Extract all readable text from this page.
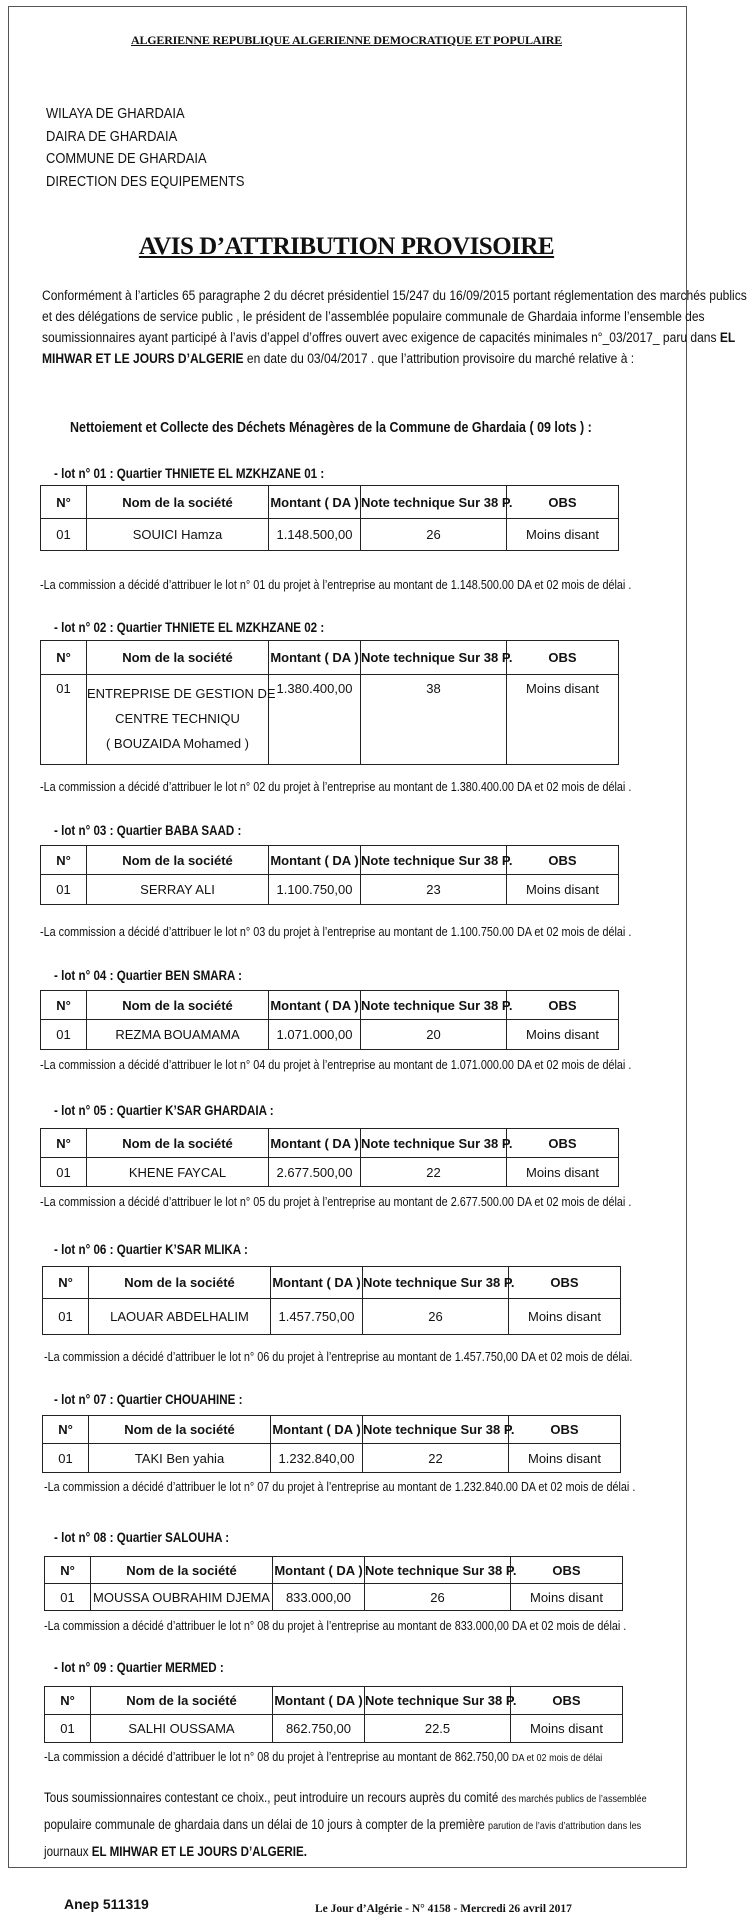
ALGERIENNE REPUBLIQUE ALGERIENNE DEMOCRATIQUE ET POPULAIRE
WILAYA DE GHARDAIA
DAIRA DE GHARDAIA
COMMUNE DE GHARDAIA
DIRECTION DES EQUIPEMENTS
AVIS D’ATTRIBUTION PROVISOIRE
Conformément à l’articles 65 paragraphe 2 du décret présidentiel 15/247 du 16/09/2015 portant réglementation des marchés publics
et des délégations de service public , le président de l’assemblée populaire communale de Ghardaia informe l’ensemble des
soumissionnaires ayant participé à l’avis d’appel d’offres ouvert avec exigence de capacités minimales n°_03/2017_ paru dans EL
MIHWAR ET LE JOURS D’ALGERIE en date du 03/04/2017 . que l’attribution provisoire du marché relative à :
Nettoiement et Collecte des Déchets Ménagères de la Commune de Ghardaia ( 09 lots ) :
- lot n° 01 : Quartier THNIETE EL MZKHZANE 01 :
N°	Nom de la société	Montant ( DA )	Note technique Sur 38 P.	OBS
01	SOUICI Hamza	1.148.500,00	26	Moins disant
-La commission a décidé d’attribuer le lot n° 01 du projet à l’entreprise au montant de 1.148.500.00 DA et 02 mois de délai .
- lot n° 02 : Quartier THNIETE EL MZKHZANE 02 :
N°	Nom de la société	Montant ( DA )	Note technique Sur 38 P.	OBS
01	ENTREPRISE DE GESTION DE
CENTRE TECHNIQU
( BOUZAIDA Mohamed )	1.380.400,00	38	Moins disant
-La commission a décidé d’attribuer le lot n° 02 du projet à l’entreprise au montant de 1.380.400.00 DA et 02 mois de délai .
- lot n° 03 : Quartier BABA SAAD :
N°	Nom de la société	Montant ( DA )	Note technique Sur 38 P.	OBS
01	SERRAY ALI	1.100.750,00	23	Moins disant
-La commission a décidé d’attribuer le lot n° 03 du projet à l’entreprise au montant de 1.100.750.00 DA et 02 mois de délai .
- lot n° 04 : Quartier BEN SMARA :
N°	Nom de la société	Montant ( DA )	Note technique Sur 38 P.	OBS
01	REZMA BOUAMAMA	1.071.000,00	20	Moins disant
-La commission a décidé d’attribuer le lot n° 04 du projet à l’entreprise au montant de 1.071.000.00 DA et 02 mois de délai .
- lot n° 05 : Quartier K’SAR GHARDAIA :
N°	Nom de la société	Montant ( DA )	Note technique Sur 38 P.	OBS
01	KHENE FAYCAL	2.677.500,00	22	Moins disant
-La commission a décidé d’attribuer le lot n° 05 du projet à l’entreprise au montant de 2.677.500.00 DA et 02 mois de délai .
- lot n° 06 : Quartier K’SAR MLIKA :
N°	Nom de la société	Montant ( DA )	Note technique Sur 38 P.	OBS
01	LAOUAR ABDELHALIM	1.457.750,00	26	Moins disant
-La commission a décidé d’attribuer le lot n° 06 du projet à l’entreprise au montant de 1.457.750,00 DA et 02 mois de délai.
- lot n° 07 : Quartier CHOUAHINE :
N°	Nom de la société	Montant ( DA )	Note technique Sur 38 P.	OBS
01	TAKI Ben yahia	1.232.840,00	22	Moins disant
-La commission a décidé d’attribuer le lot n° 07 du projet à l’entreprise au montant de 1.232.840.00 DA et 02 mois de délai .
- lot n° 08 : Quartier SALOUHA :
N°	Nom de la société	Montant ( DA )	Note technique Sur 38 P.	OBS
01	MOUSSA OUBRAHIM DJEMA	833.000,00	26	Moins disant
-La commission a décidé d’attribuer le lot n° 08 du projet à l’entreprise au montant de 833.000,00 DA et 02 mois de délai .
- lot n° 09 : Quartier MERMED :
N°	Nom de la société	Montant ( DA )	Note technique Sur 38 P.	OBS
01	SALHI OUSSAMA	862.750,00	22.5	Moins disant
-La commission a décidé d’attribuer le lot n° 08 du projet à l’entreprise au montant de 862.750,00 DA et 02 mois de délai
Tous soumissionnaires contestant ce choix., peut introduire un recours auprès du comité des marchés publics de l’assemblée
populaire communale de ghardaia dans un délai de 10 jours à compter de la première parution de l’avis d’attribution dans les
journaux EL MIHWAR ET LE JOURS D’ALGERIE.
Anep 511319	Le Jour d’Algérie - N° 4158 - Mercredi 26 avril 2017
